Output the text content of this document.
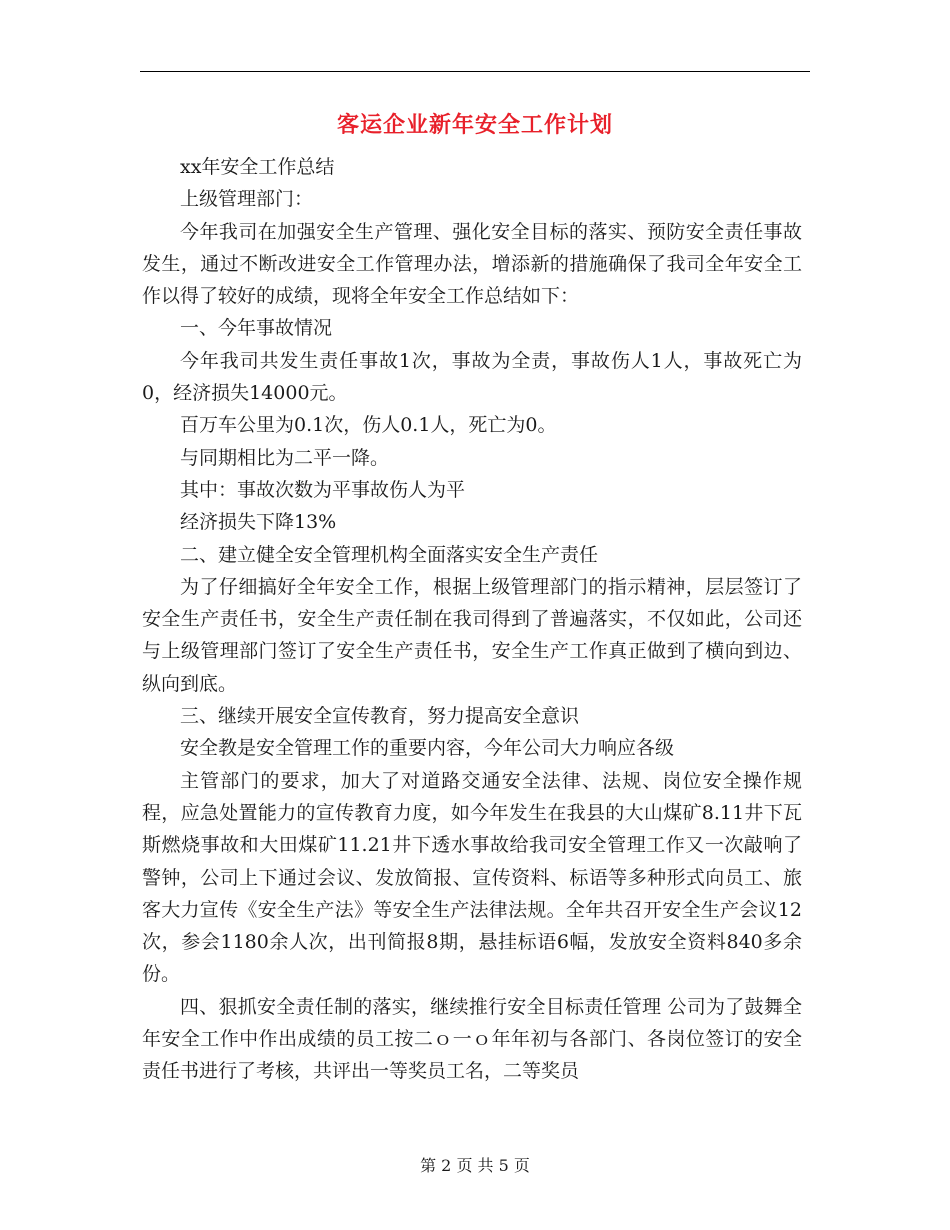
客运企业新年安全工作计划

xx年安全工作总结

上级管理部门：

今年我司在加强安全生产管理、强化安全目标的落实、预防安全责任事故发生，通过不断改进安全工作管理办法，增添新的措施确保了我司全年安全工作以得了较好的成绩，现将全年安全工作总结如下：

一、今年事故情况

今年我司共发生责任事故1次，事故为全责，事故伤人1人，事故死亡为0，经济损失14000元。

百万车公里为0.1次，伤人0.1人，死亡为0。

与同期相比为二平一降。

其中：事故次数为平事故伤人为平

经济损失下降13%

二、建立健全安全管理机构全面落实安全生产责任

为了仔细搞好全年安全工作，根据上级管理部门的指示精神，层层签订了安全生产责任书，安全生产责任制在我司得到了普遍落实，不仅如此，公司还与上级管理部门签订了安全生产责任书，安全生产工作真正做到了横向到边、纵向到底。

三、继续开展安全宣传教育，努力提高安全意识

安全教是安全管理工作的重要内容，今年公司大力响应各级

主管部门的要求，加大了对道路交通安全法律、法规、岗位安全操作规程，应急处置能力的宣传教育力度，如今年发生在我县的大山煤矿8.11井下瓦斯燃烧事故和大田煤矿11.21井下透水事故给我司安全管理工作又一次敲响了警钟，公司上下通过会议、发放简报、宣传资料、标语等多种形式向员工、旅客大力宣传《安全生产法》等安全生产法律法规。全年共召开安全生产会议12次，参会1180余人次，出刊简报8期，悬挂标语6幅，发放安全资料840多余份。

四、狠抓安全责任制的落实，继续推行安全目标责任管理 公司为了鼓舞全年安全工作中作出成绩的员工按二ｏ一ｏ年年初与各部门、各岗位签订的安全责任书进行了考核，共评出一等奖员工名，二等奖员

第 2 页 共 5 页
